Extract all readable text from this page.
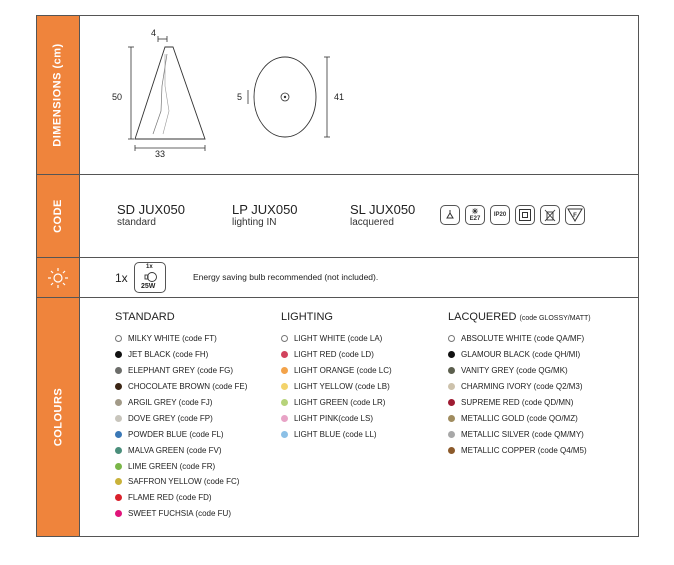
DIMENSIONS (cm)
4
50
33
5	41
CODE	SD JUX050
standard
LP JUX050
lighting IN
SL JUX050
lacquered
☀
E27
IP20	F
1x
1x
25W
Energy saving bulb recommended (not included).
COLOURS
STANDARD
MILKY WHITE (code FT)
JET BLACK (code FH)
ELEPHANT GREY (code FG)
CHOCOLATE BROWN (code FE)
ARGIL GREY (code FJ)
DOVE GREY (code FP)
POWDER BLUE (code FL)
MALVA GREEN (code FV)
LIME GREEN (code FR)
SAFFRON YELLOW (code FC)
FLAME RED (code FD)
SWEET FUCHSIA (code FU)
LIGHTING
LIGHT WHITE (code LA)
LIGHT RED (code LD)
LIGHT ORANGE (code LC)
LIGHT YELLOW (code LB)
LIGHT GREEN (code LR)
LIGHT PINK(code LS)
LIGHT BLUE (code LL)
LACQUERED (code GLOSSY/MATT)
ABSOLUTE WHITE (code QA/MF)
GLAMOUR BLACK (code QH/MI)
VANITY GREY (code QG/MK)
CHARMING IVORY (code Q2/M3)
SUPREME RED (code QD/MN)
METALLIC GOLD (code QO/MZ)
METALLIC SILVER (code QM/MY)
METALLIC COPPER (code Q4/M5)
